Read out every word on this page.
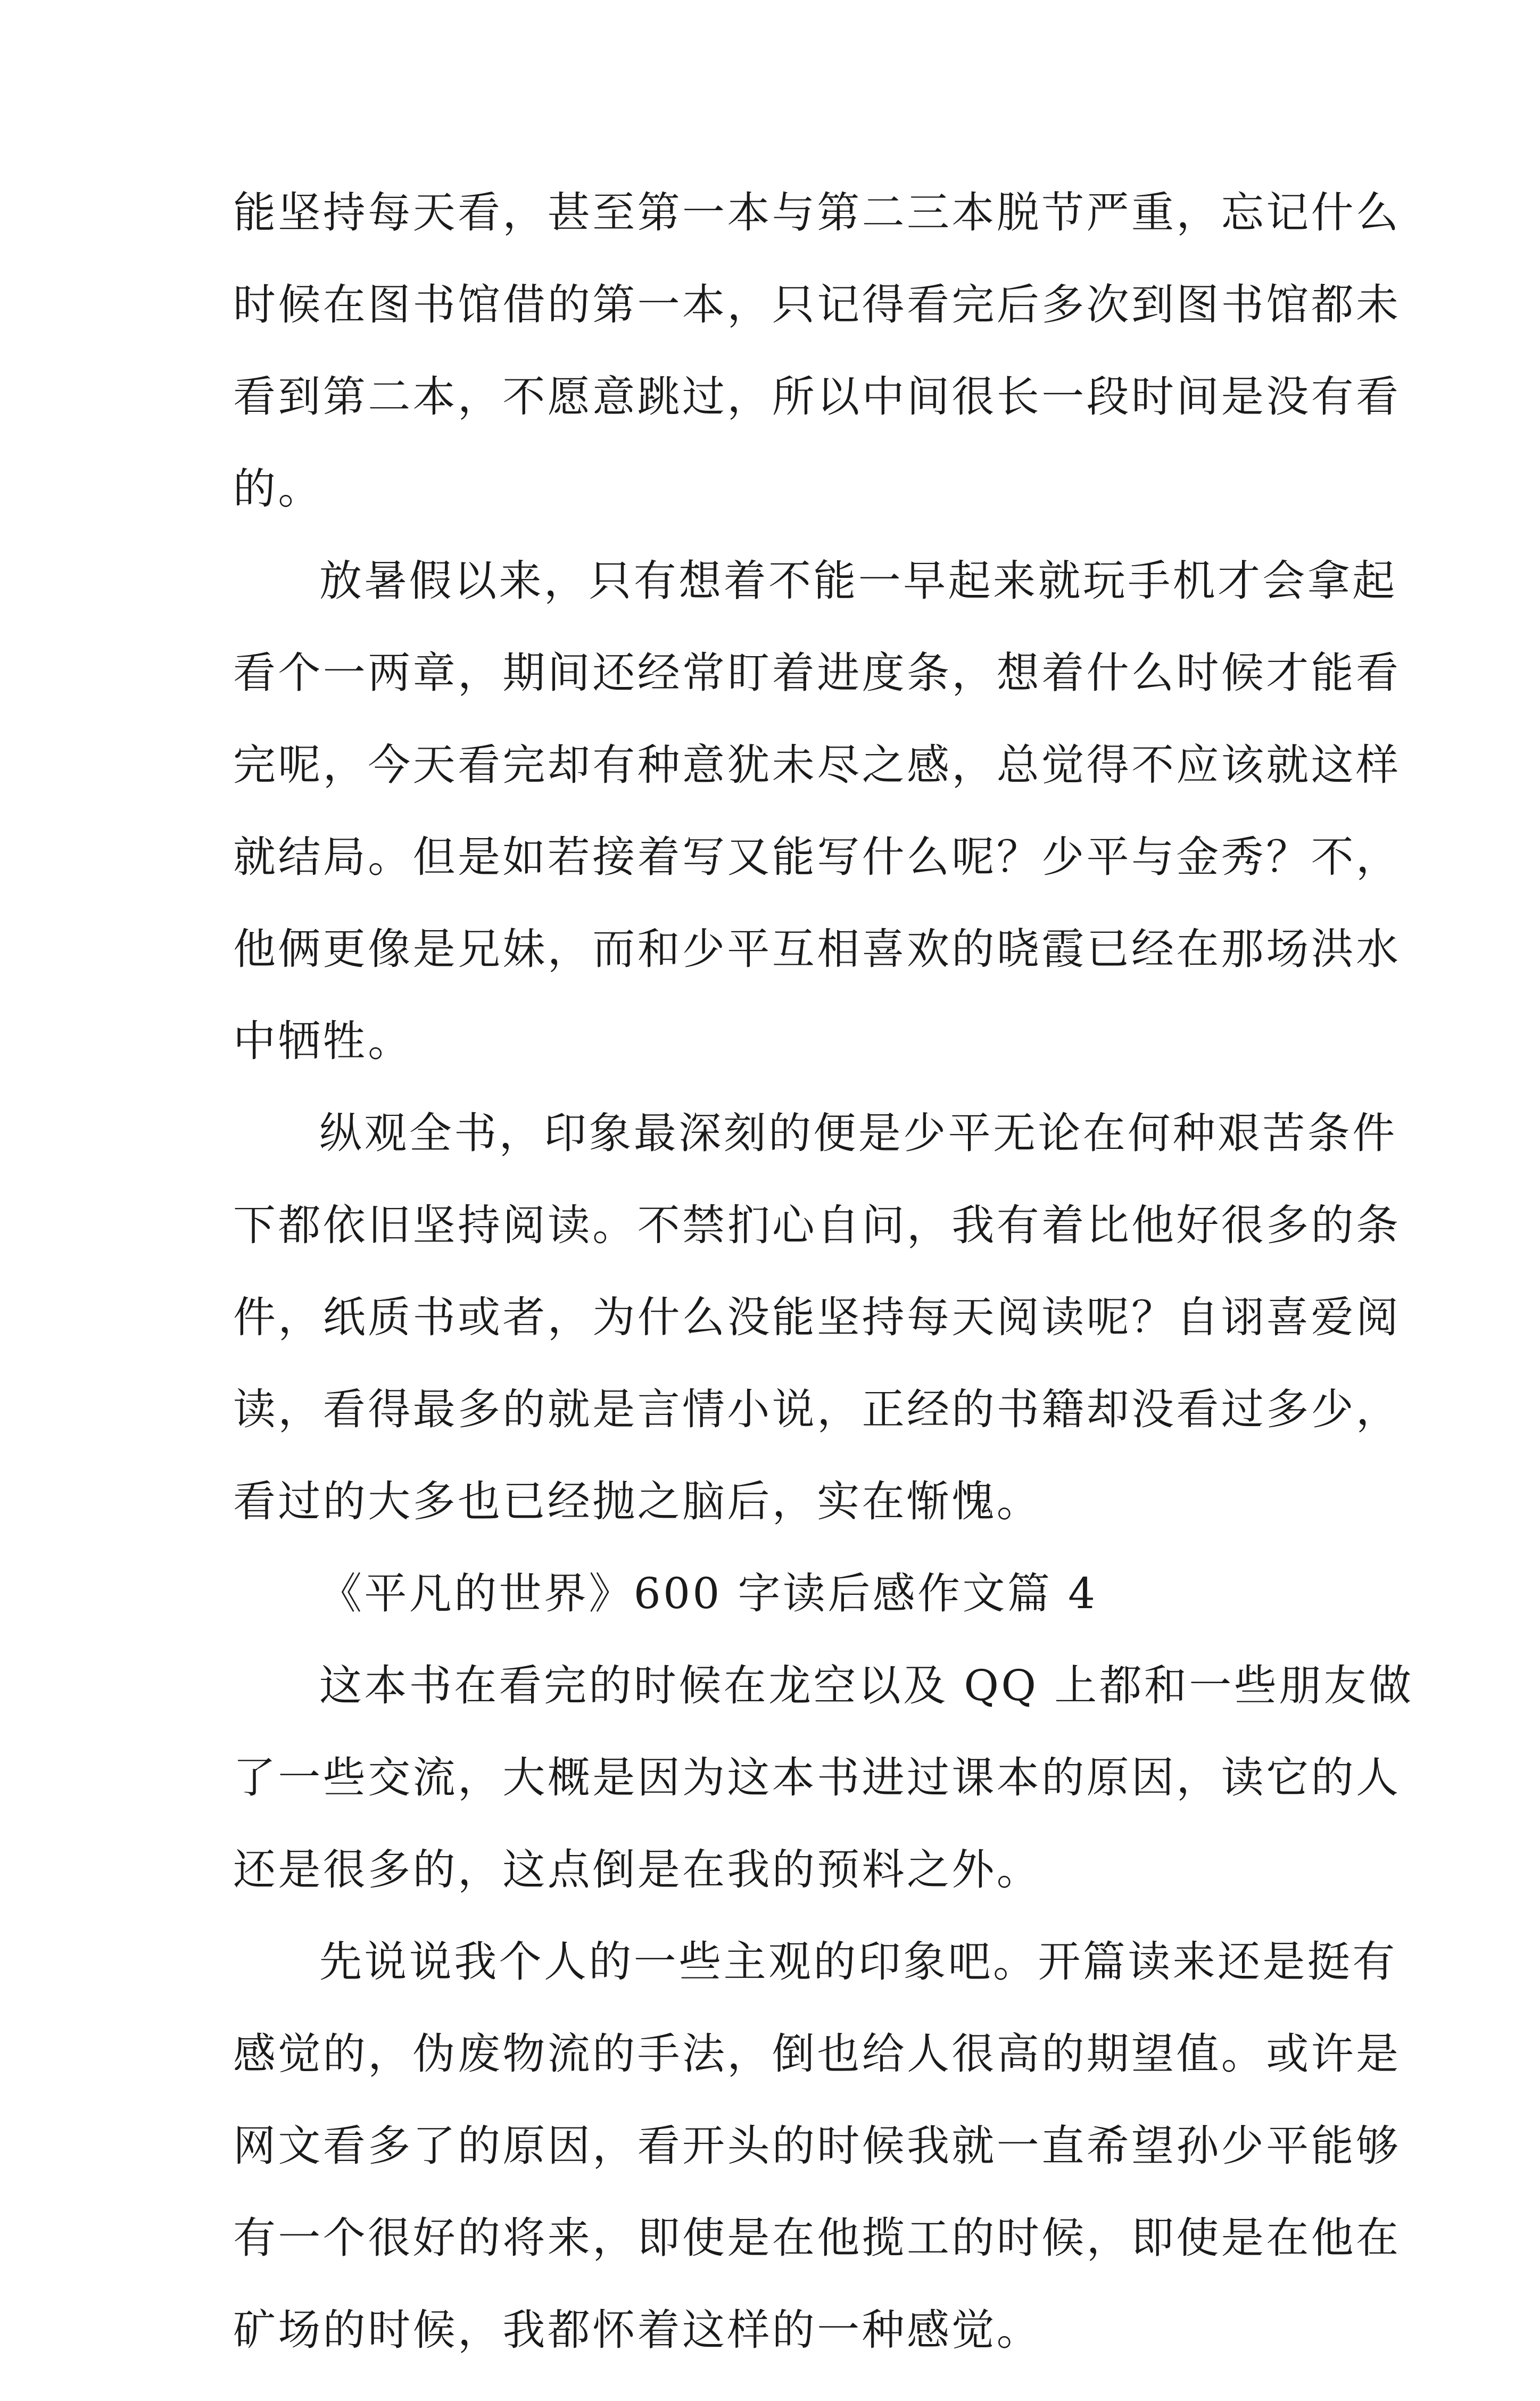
能坚持每天看，甚至第一本与第二三本脱节严重，忘记什么
时候在图书馆借的第一本，只记得看完后多次到图书馆都未
看到第二本，不愿意跳过，所以中间很长一段时间是没有看
的。
放暑假以来，只有想着不能一早起来就玩手机才会拿起
看个一两章，期间还经常盯着进度条，想着什么时候才能看
完呢，今天看完却有种意犹未尽之感，总觉得不应该就这样
就结局。但是如若接着写又能写什么呢？少平与金秀？不，
他俩更像是兄妹，而和少平互相喜欢的晓霞已经在那场洪水
中牺牲。
纵观全书，印象最深刻的便是少平无论在何种艰苦条件
下都依旧坚持阅读。不禁扪心自问，我有着比他好很多的条
件，纸质书或者，为什么没能坚持每天阅读呢？自诩喜爱阅
读，看得最多的就是言情小说，正经的书籍却没看过多少，
看过的大多也已经抛之脑后，实在惭愧。
《平凡的世界》600 字读后感作文篇 4
这本书在看完的时候在龙空以及 QQ 上都和一些朋友做
了一些交流，大概是因为这本书进过课本的原因，读它的人
还是很多的，这点倒是在我的预料之外。
先说说我个人的一些主观的印象吧。开篇读来还是挺有
感觉的，伪废物流的手法，倒也给人很高的期望值。或许是
网文看多了的原因，看开头的时候我就一直希望孙少平能够
有一个很好的将来，即使是在他揽工的时候，即使是在他在
矿场的时候，我都怀着这样的一种感觉。
